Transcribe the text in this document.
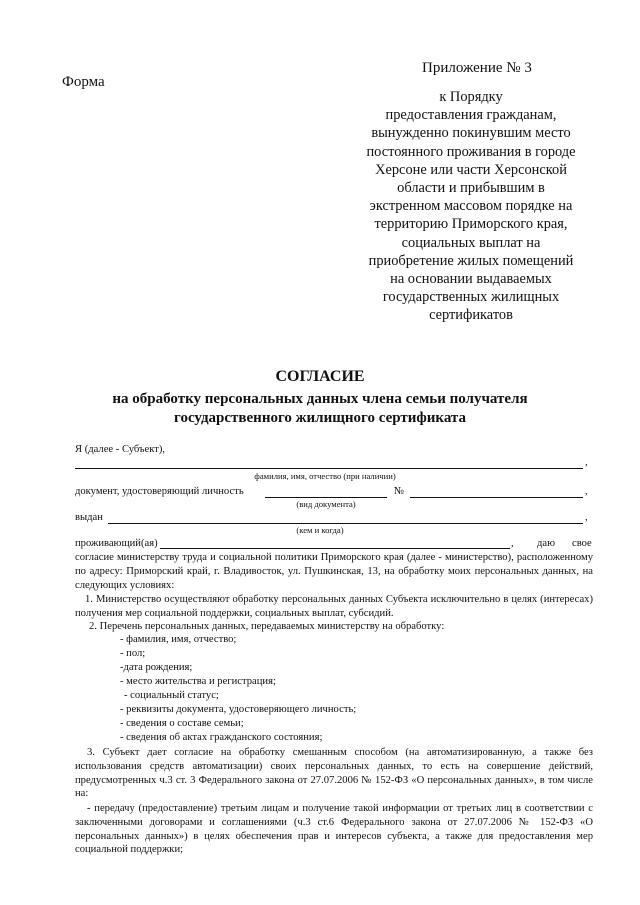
Форма
Приложение № 3
к Порядку
предоставления гражданам,
вынужденно покинувшим место
постоянного проживания в городе
Херсоне или части Херсонской
области и прибывшим в
экстренном массовом порядке на
территорию Приморского края,
социальных выплат на
приобретение жилых помещений
на основании выдаваемых
государственных жилищных
сертификатов
СОГЛАСИЕ
на обработку персональных данных члена семьи получателя
государственного жилищного сертификата
Я (далее - Субъект),
,
фамилия, имя, отчество (при наличии)
документ, удостоверяющий личность	№	,
(вид документа)
выдан	,
(кем и когда)
проживающий(ая)	, даю свое
согласие министерству труда и социальной политики Приморского края (далее - министерство), расположенному по адресу: Приморский край, г. Владивосток, ул. Пушкинская, 13, на обработку моих персональных данных, на следующих условиях:
1. Министерство осуществляют обработку персональных данных Субъекта исключительно в целях (интересах) получения мер социальной поддержки, социальных выплат, субсидий.
2. Перечень персональных данных, передаваемых министерству на обработку:
- фамилия, имя, отчество;
- пол;
-дата рождения;
- место жительства и регистрация;
- социальный статус;
- реквизиты документа, удостоверяющего личность;
- сведения о составе семьи;
- сведения об актах гражданского состояния;
3. Субъект дает согласие на обработку смешанным способом (на автоматизированную, а также без использования средств автоматизации) своих персональных данных, то есть на совершение действий, предусмотренных ч.3 ст. 3 Федерального закона от 27.07.2006 № 152-ФЗ «О персональных данных», в том числе на:
- передачу (предоставление) третьим лицам и получение такой информации от третьих лиц в соответствии с заключенными договорами и соглашениями (ч.3 ст.6 Федерального закона от 27.07.2006 № 152-ФЗ «О персональных данных») в целях обеспечения прав и интересов субъекта, а также для предоставления мер социальной поддержки;
